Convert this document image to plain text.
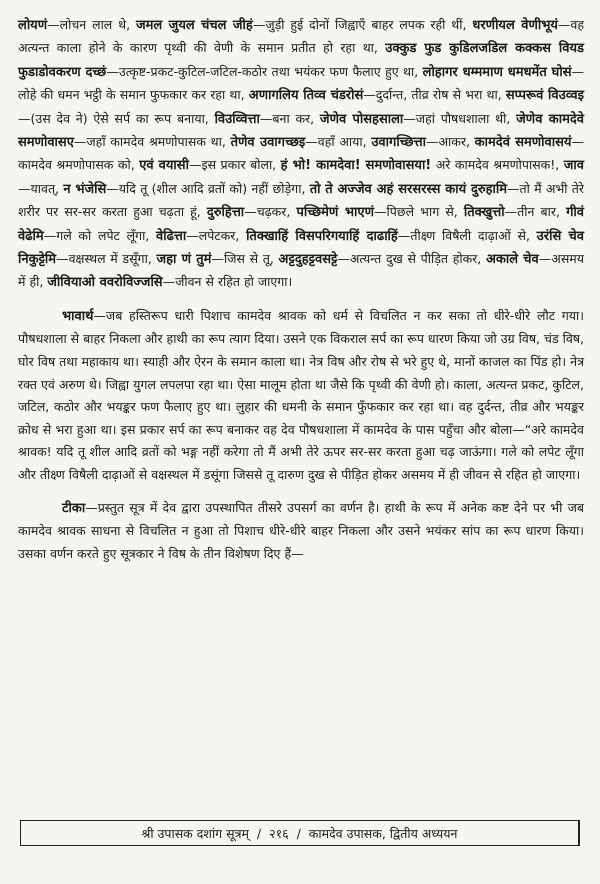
लोयणं—लोचन लाल थे, जमल जुयल चंचल जीहं—जुड़ी हुई दोनों जिह्वाएँ बाहर लपक रही थीं, धरणीयल वेणीभूयं—वह अत्यन्त काला होने के कारण पृथ्वी की वेणी के समान प्रतीत हो रहा था, उक्कुड फुड कुडिलजडिल कक्कस वियड फुडाडोवकरण दच्छं—उत्कृष्ट-प्रकट-कुटिल-जटिल-कठोर तथा भयंकर फण फैलाए हुए था, लोहागर धम्ममाण धमधमेंत घोसं—लोहे की धमन भट्ठी के समान फुफकार कर रहा था, अणागलिय तिव्व चंडरोसं—दुर्दान्त, तीव्र रोष से भरा था, सप्परूवं विउव्वइ—(उस देव ने) ऐसे सर्प का रूप बनाया, विउव्वित्ता—बना कर, जेणेव पोसहसाला—जहां पौषधशाला थी, जेणेव कामदेवे समणोवासए—जहाँ कामदेव श्रमणोपासक था, तेणेव उवागच्छइ—वहाँ आया, उवागच्छित्ता—आकर, कामदेवं समणोवासयं—कामदेव श्रमणोपासक को, एवं वयासी—इस प्रकार बोला, हं भो! कामदेवा! समणोवासया! अरे कामदेव श्रमणोपासक!, जाव—यावत्, न भंजेसि—यदि तू (शील आदि व्रतों को) नहीं छोड़ेगा, तो ते अज्जेव अहं सरसरस्स कायं दुरुहामि—तो मैं अभी तेरे शरीर पर सर-सर करता हुआ चढ़ता हूं, दुरुहित्ता—चढ़कर, पच्छिमेणं भाएणं—पिछले भाग से, तिक्खुत्तो—तीन बार, गीवं वेढेमि—गले को लपेट लूँगा, वेढित्ता—लपेटकर, तिक्खाहिं विसपरिगयाहिं दाढाहिं—तीक्ष्ण विषैली दाढ़ाओं से, उरंसि चेव निकुट्टेमि—वक्षस्थल में डसूँगा, जहा णं तुमं—जिस से तू, अट्टदुहट्टवसट्टे—अत्यन्त दुख से पीड़ित होकर, अकाले चेव—असमय में ही, जीवियाओ ववरोविज्जसि—जीवन से रहित हो जाएगा।

भावार्थ—जब हस्तिरूप धारी पिशाच कामदेव श्रावक को धर्म से विचलित न कर सका तो धीरे-धीरे लौट गया। पौषधशाला से बाहर निकला और हाथी का रूप त्याग दिया। उसने एक विकराल सर्प का रूप धारण किया जो उग्र विष, चंड विष, घोर विष तथा महाकाय था। स्याही और ऐरन के समान काला था। नेत्र विष और रोष से भरे हुए थे, मानों काजल का पिंड हो। नेत्र रक्त एवं अरुण थे। जिह्वा युगल लपलपा रहा था। ऐसा मालूम होता था जैसे कि पृथ्वी की वेणी हो। काला, अत्यन्त प्रकट, कुटिल, जटिल, कठोर और भयङ्कर फण फैलाए हुए था। लुहार की धमनी के समान फुँफकार कर रहा था। वह दुर्दन्त, तीव्र और भयङ्कर क्रोध से भरा हुआ था। इस प्रकार सर्प का रूप बनाकर वह देव पौषधशाला में कामदेव के पास पहुँचा और बोला—“अरे कामदेव श्रावक! यदि तू शील आदि व्रतों को भङ्ग नहीं करेगा तो मैं अभी तेरे ऊपर सर-सर करता हुआ चढ़ जाऊंगा। गले को लपेट लूँगा और तीक्ष्ण विषैली दाढ़ाओं से वक्षस्थल में डसूंगा जिससे तू दारुण दुख से पीड़ित होकर असमय में ही जीवन से रहित हो जाएगा।

टीका—प्रस्तुत सूत्र में देव द्वारा उपस्थापित तीसरे उपसर्ग का वर्णन है। हाथी के रूप में अनेक कष्ट देने पर भी जब कामदेव श्रावक साधना से विचलित न हुआ तो पिशाच धीरे-धीरे बाहर निकला और उसने भयंकर सांप का रूप धारण किया। उसका वर्णन करते हुए सूत्रकार ने विष के तीन विशेषण दिए हैं—

श्री उपासक दशांग सूत्रम्
/
२१६
/
कामदेव उपासक, द्वितीय अध्ययन
